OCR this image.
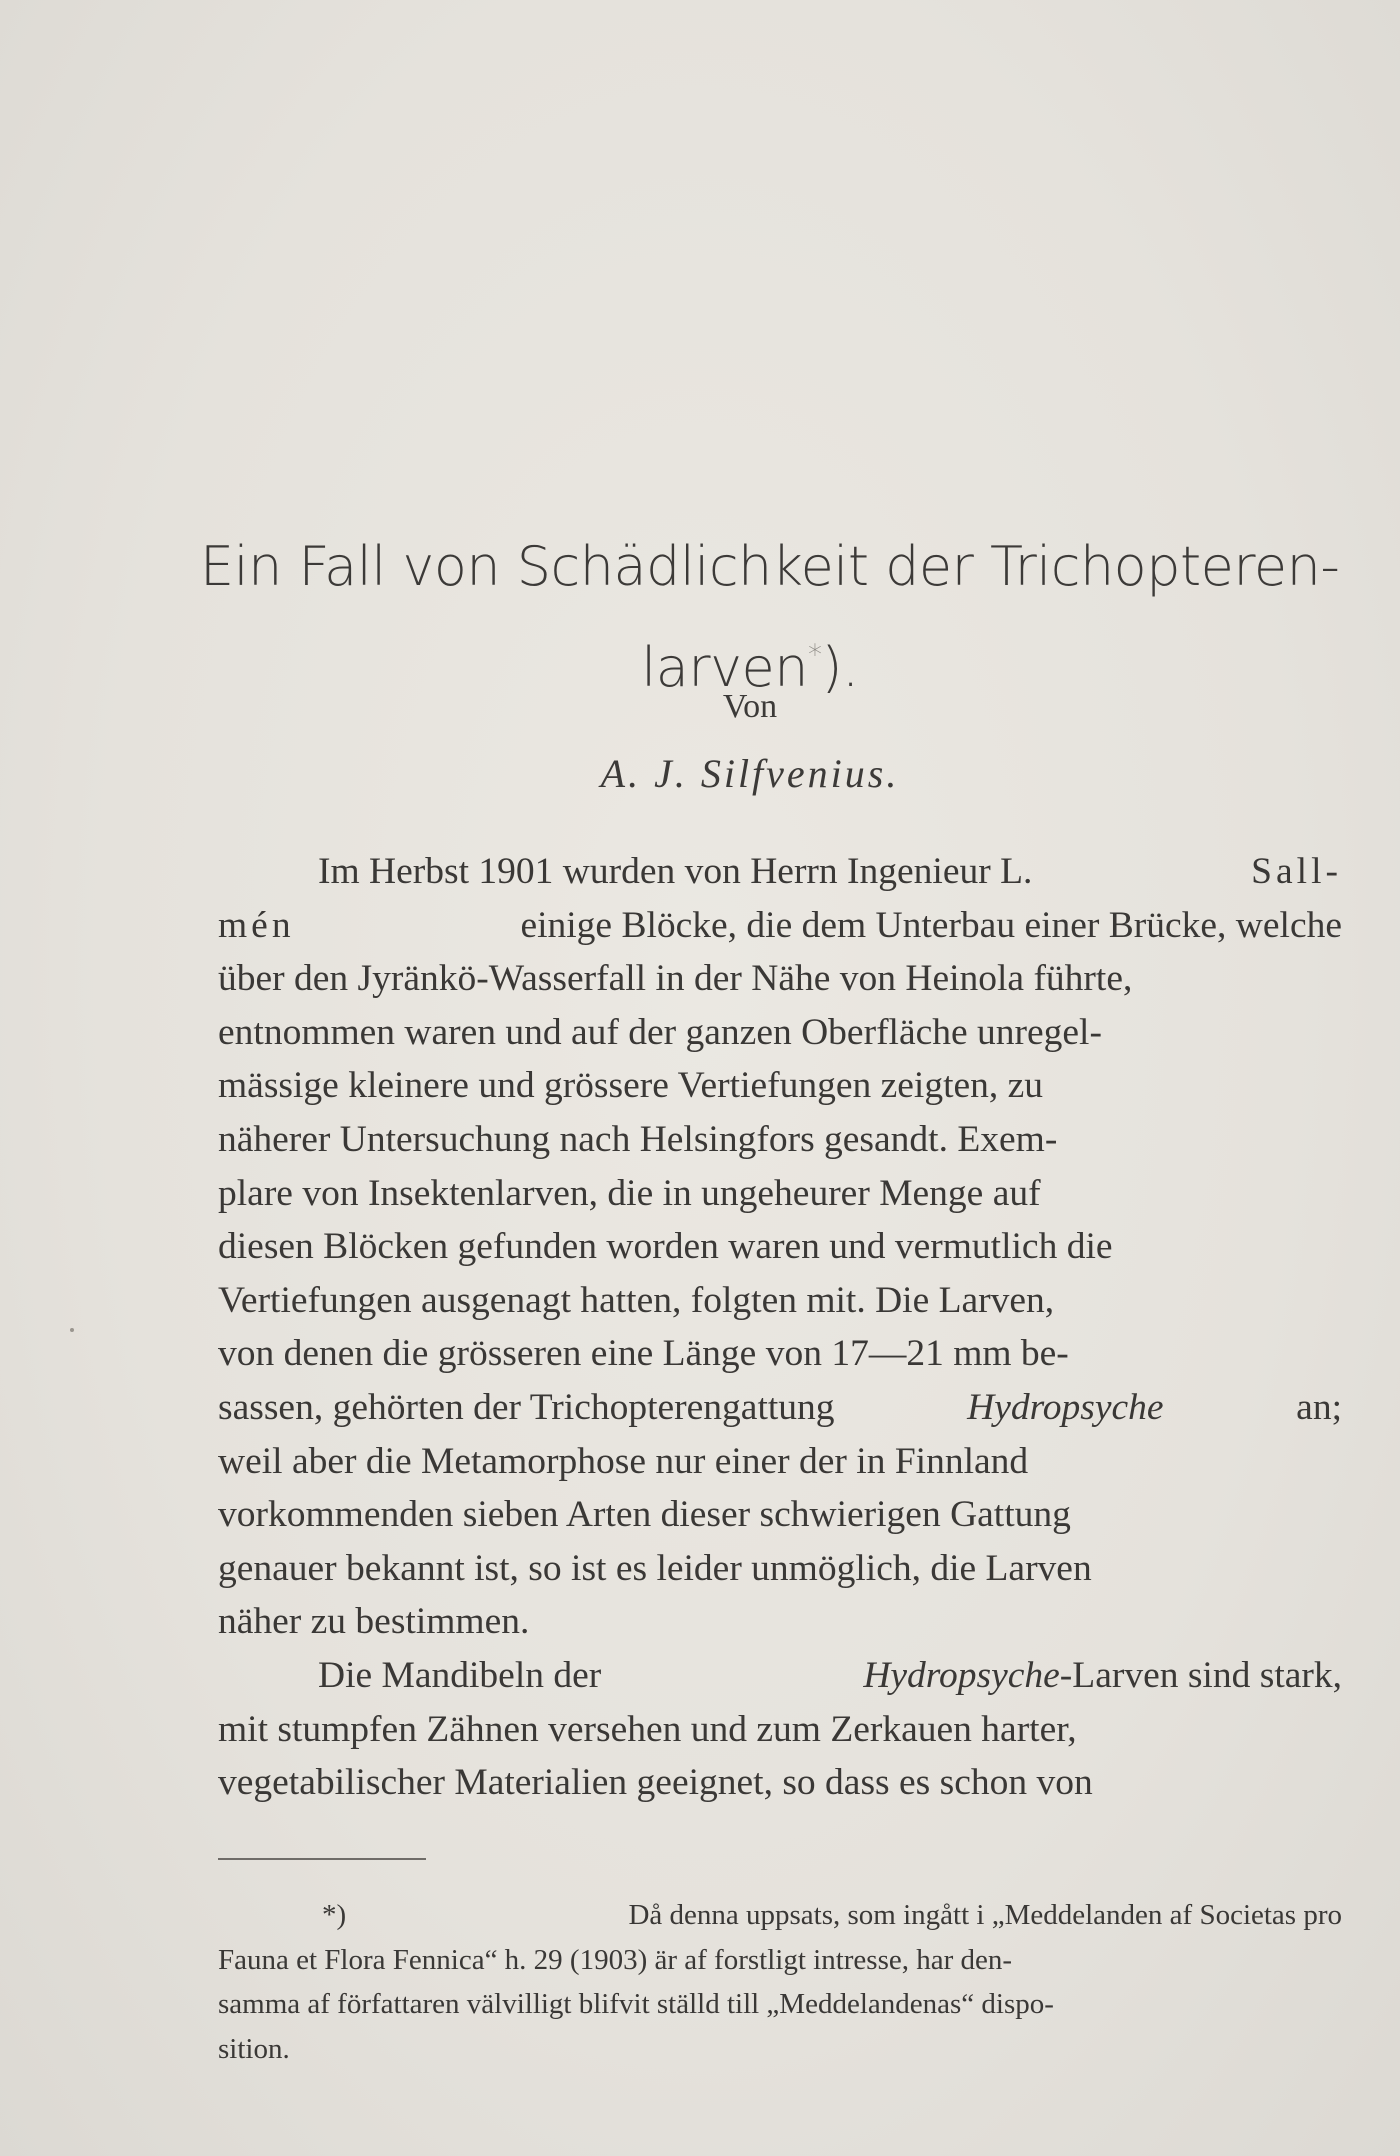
Ein Fall von Schädlichkeit der Trichopteren-
larven*).
Von
A. J. Silfvenius.
Im Herbst 1901 wurden von Herrn Ingenieur L.	Sall-
mén	einige Blöcke, die dem Unterbau einer Brücke, welche
über den Jyränkö-Wasserfall in der Nähe von Heinola führte,
entnommen waren und auf der ganzen Oberfläche unregel-
mässige kleinere und grössere Vertiefungen zeigten, zu
näherer Untersuchung nach Helsingfors gesandt. Exem-
plare von Insektenlarven, die in ungeheurer Menge auf
diesen Blöcken gefunden worden waren und vermutlich die
Vertiefungen ausgenagt hatten, folgten mit. Die Larven,
von denen die grösseren eine Länge von 17—21 mm be-
sassen, gehörten der Trichopterengattung	Hydropsyche	an;
weil aber die Metamorphose nur einer der in Finnland
vorkommenden sieben Arten dieser schwierigen Gattung
genauer bekannt ist, so ist es leider unmöglich, die Larven
näher zu bestimmen.
Die Mandibeln der	Hydropsyche-Larven sind stark,
mit stumpfen Zähnen versehen und zum Zerkauen harter,
vegetabilischer Materialien geeignet, so dass es schon von
*)	Då denna uppsats, som ingått i „Meddelanden af Societas pro
Fauna et Flora Fennica“ h. 29 (1903) är af forstligt intresse, har den-
samma af författaren välvilligt blifvit ställd till „Meddelandenas“ dispo-
sition.
